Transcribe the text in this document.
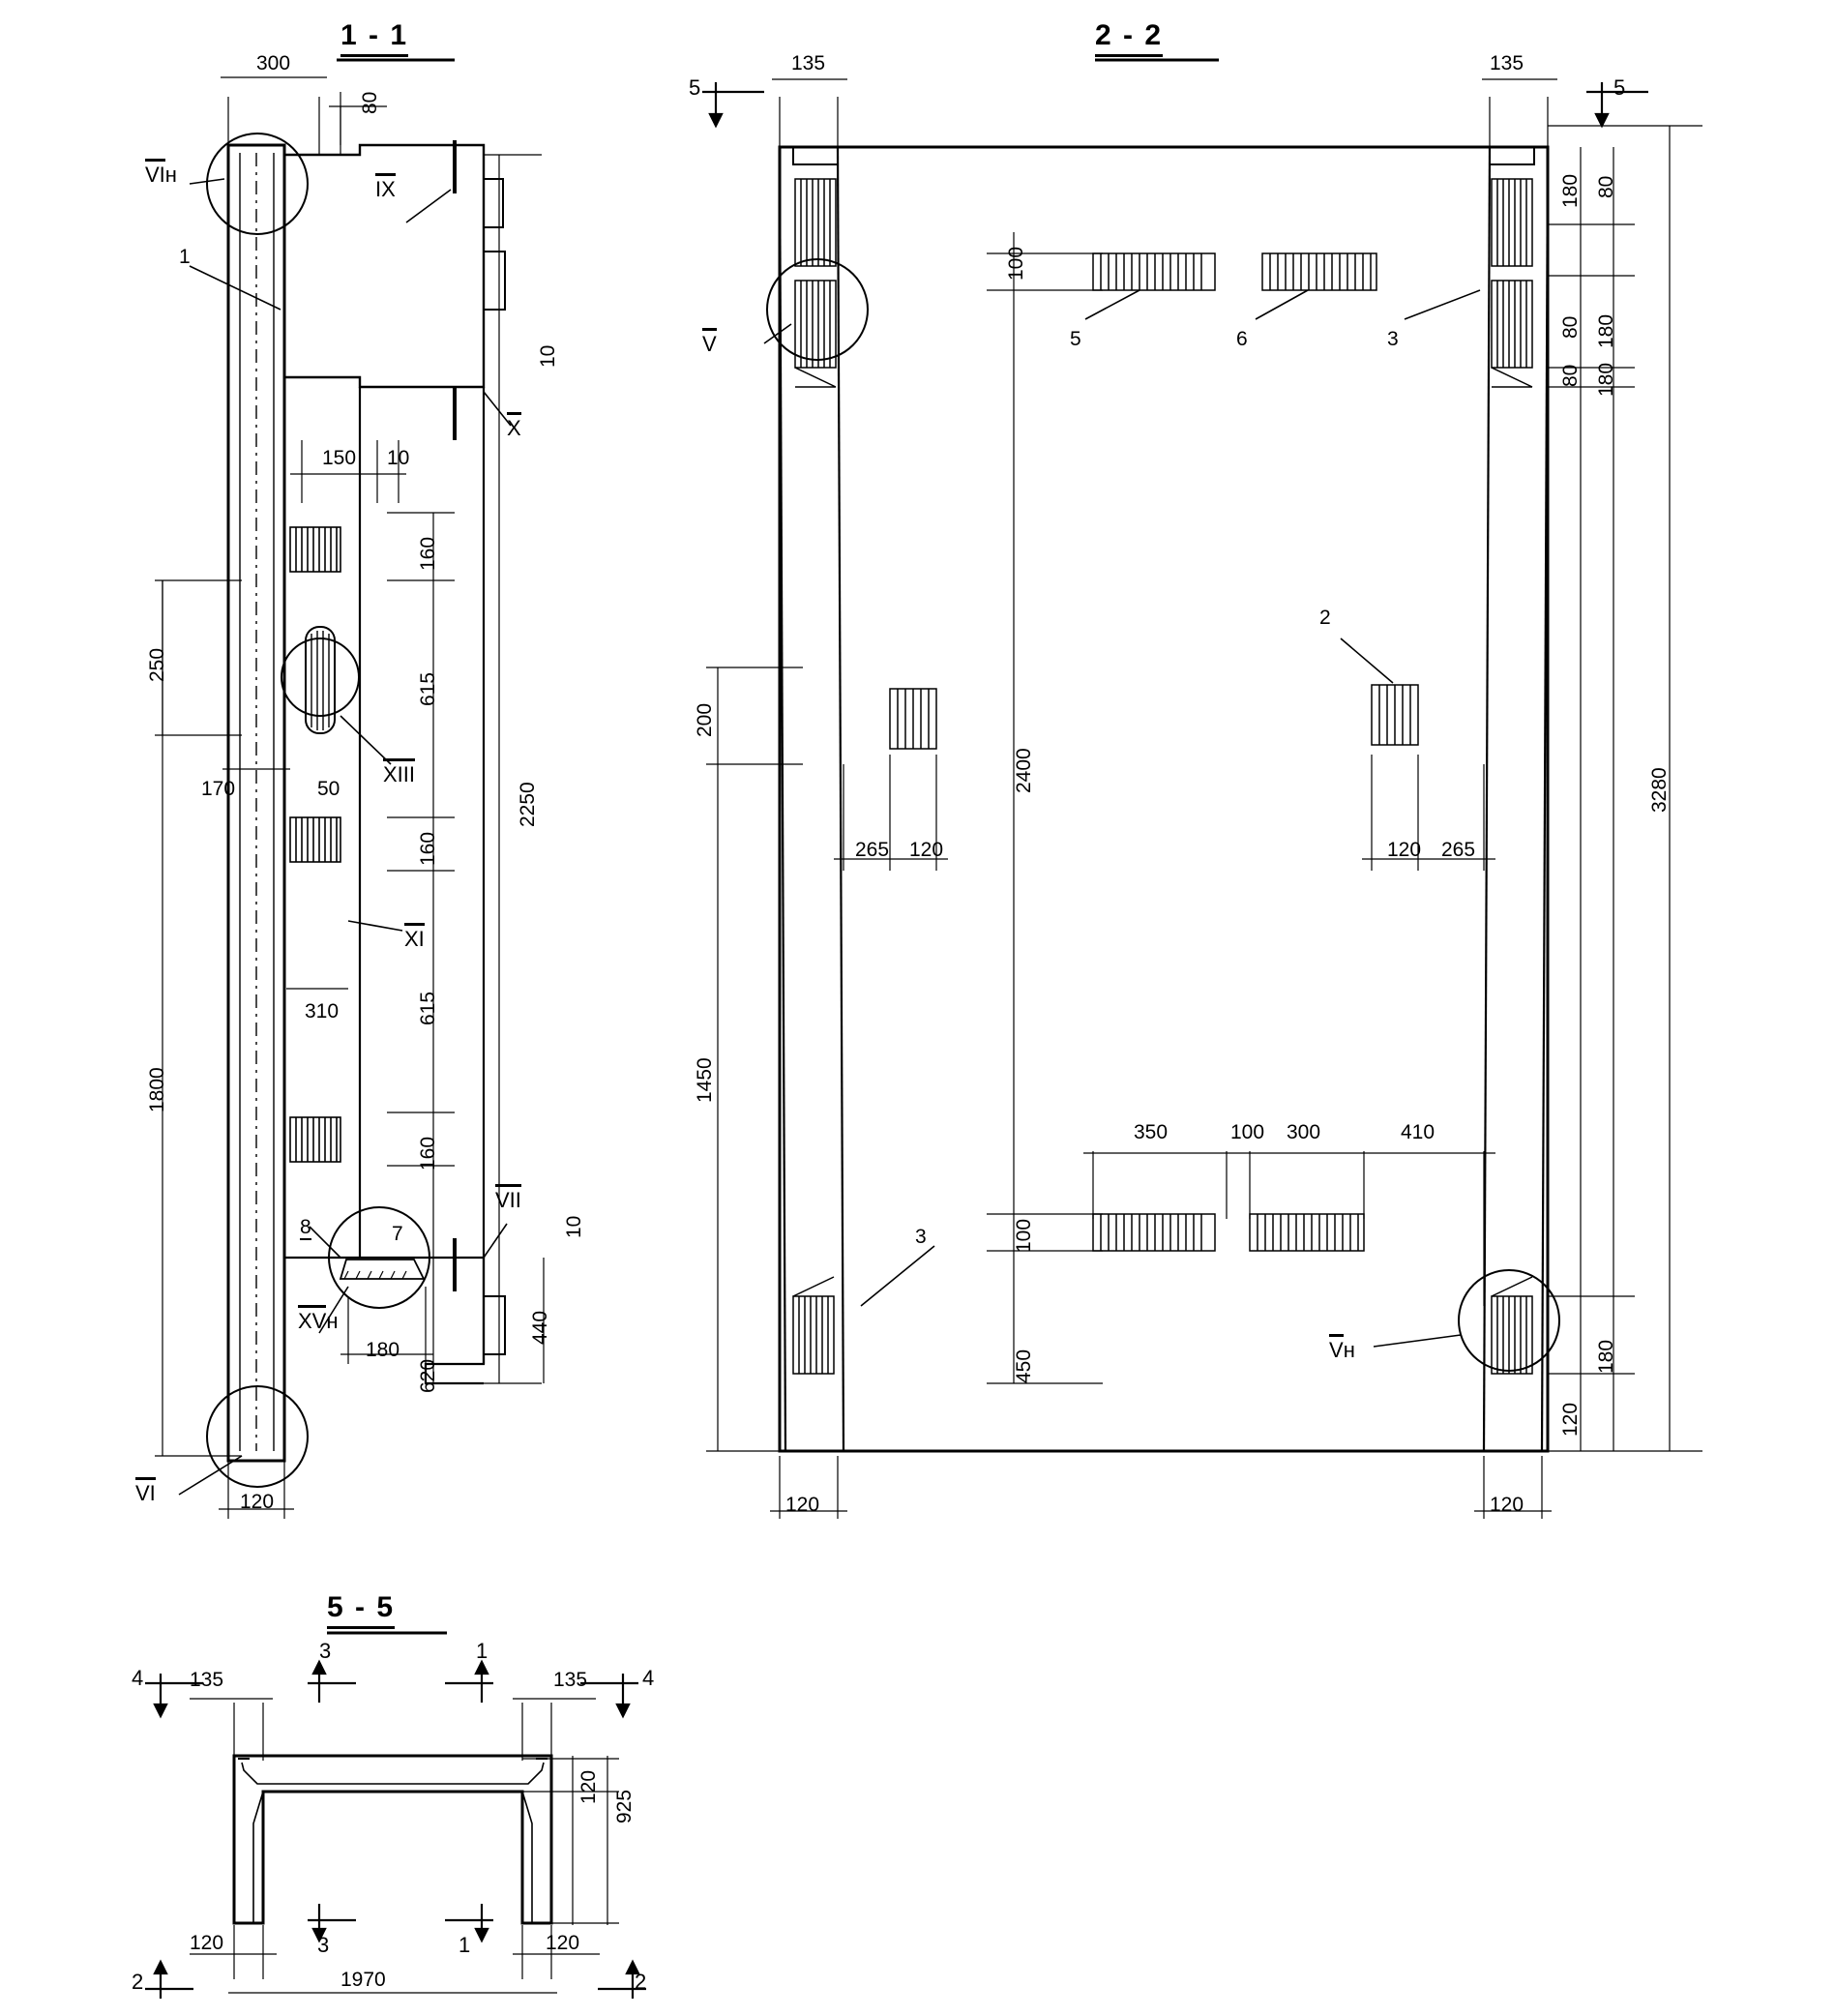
1 - 1	2 - 2
5 - 5
300
80
10
150 10
160
615
250
170	50	2250
160
310	615
1800
160
10
440
180
620
120
VIн
IX
X
XIII
XI
VII
XVн
VI
1
8	7
135	135
180 80
80 180
80 180
100
3280
200
2400
265 120	120 265
1450
350	100 300	410
100
450	180
120
120	120
5	5
V
Vн
5	6	3
2
3
135	135
120
925
120	120
1970
4
3	1
4
3	1
2	2
